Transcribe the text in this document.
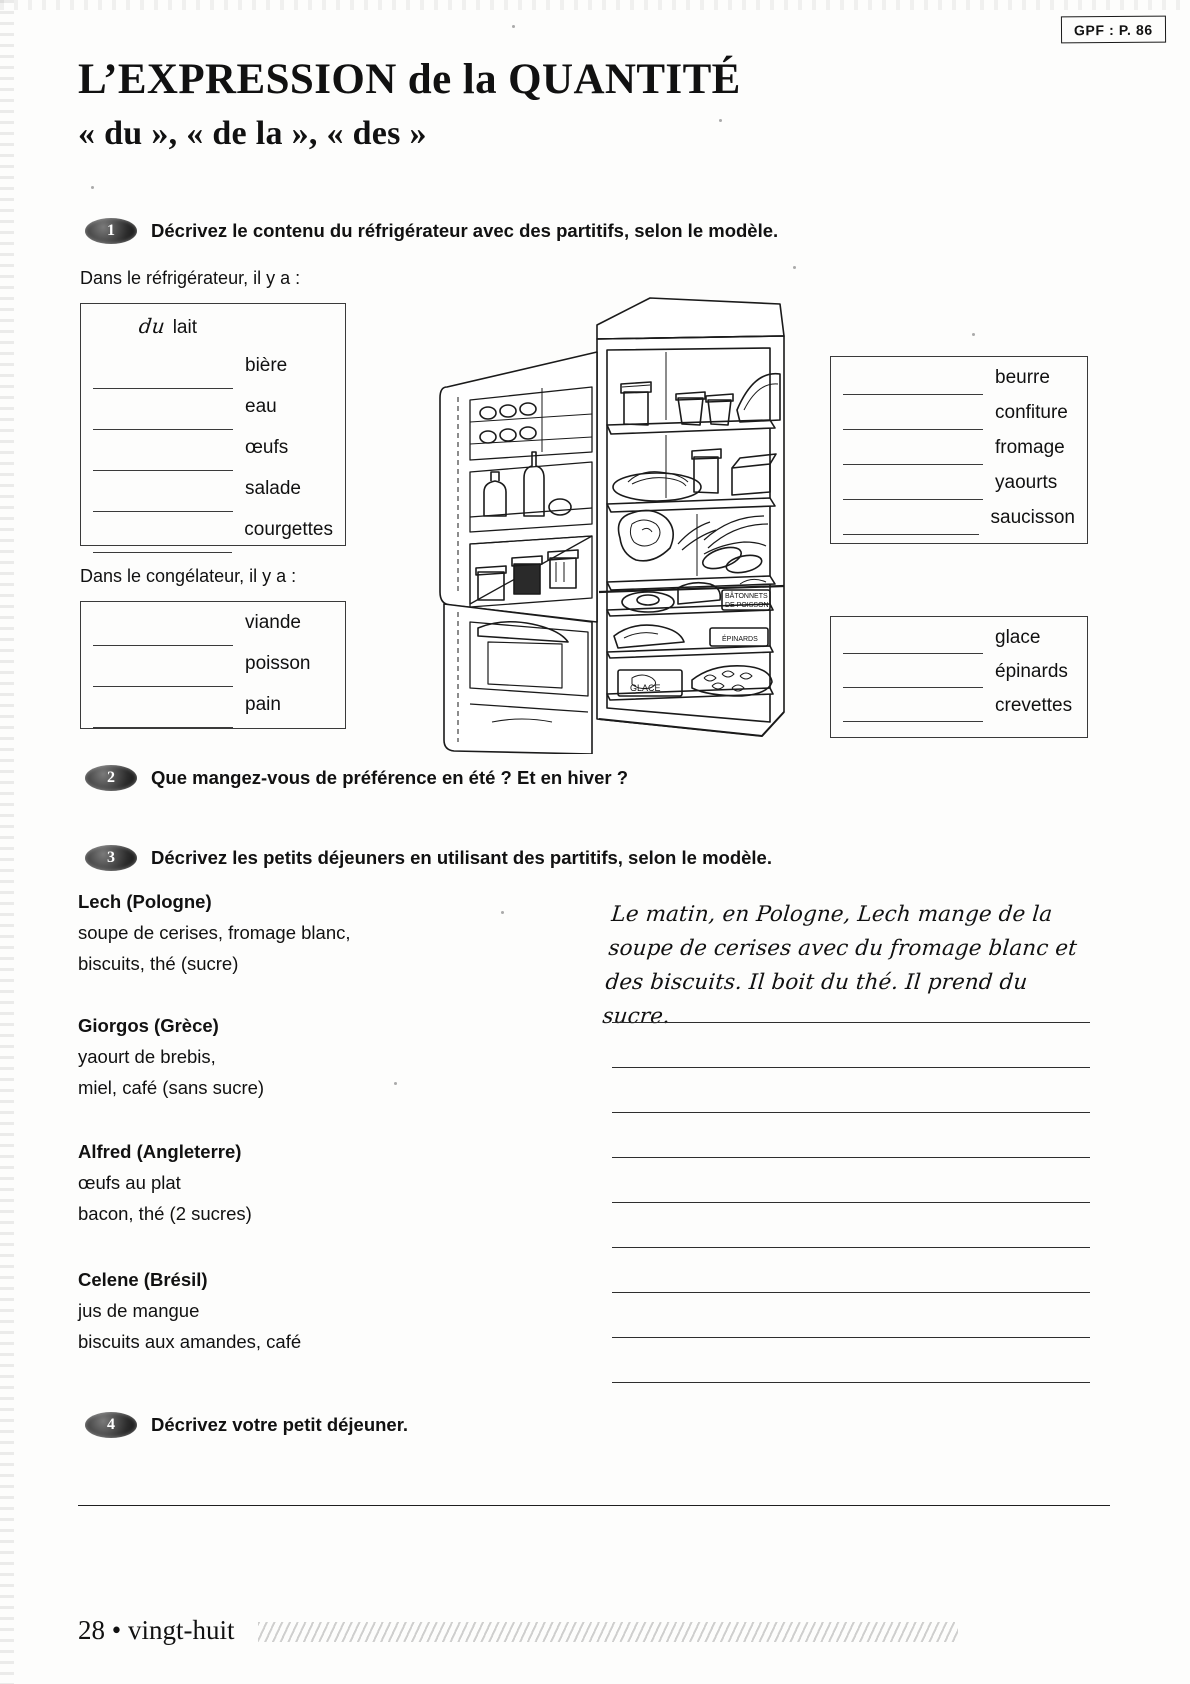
GPF : P. 86
L’EXPRESSION de la QUANTITÉ
« du », « de la », « des »
1	Décrivez le contenu du réfrigérateur avec des partitifs, selon le modèle.
Dans le réfrigérateur, il y a :
du lait
bière
eau
œufs
salade
courgettes
Dans le congélateur, il y a :
viande
poisson
pain
beurre
confiture
fromage
yaourts
saucisson
glace
épinards
crevettes
BÂTONNETS
DE POISSON
ÉPINARDS
GLACE
2	Que mangez-vous de préférence en été ? Et en hiver ?
3	Décrivez les petits déjeuners en utilisant des partitifs, selon le modèle.
Lech (Pologne)
soupe de cerises, fromage blanc,
biscuits, thé (sucre)
Giorgos (Grèce)
yaourt de brebis,
miel, café (sans sucre)
Alfred (Angleterre)
œufs au plat
bacon, thé (2 sucres)
Celene (Brésil)
jus de mangue
biscuits aux amandes, café
Le matin, en Pologne, Lech mange de la soupe de cerises avec du fromage blanc et des biscuits. Il boit du thé. Il prend du sucre.
4	Décrivez votre petit déjeuner.
28 • vingt-huit
